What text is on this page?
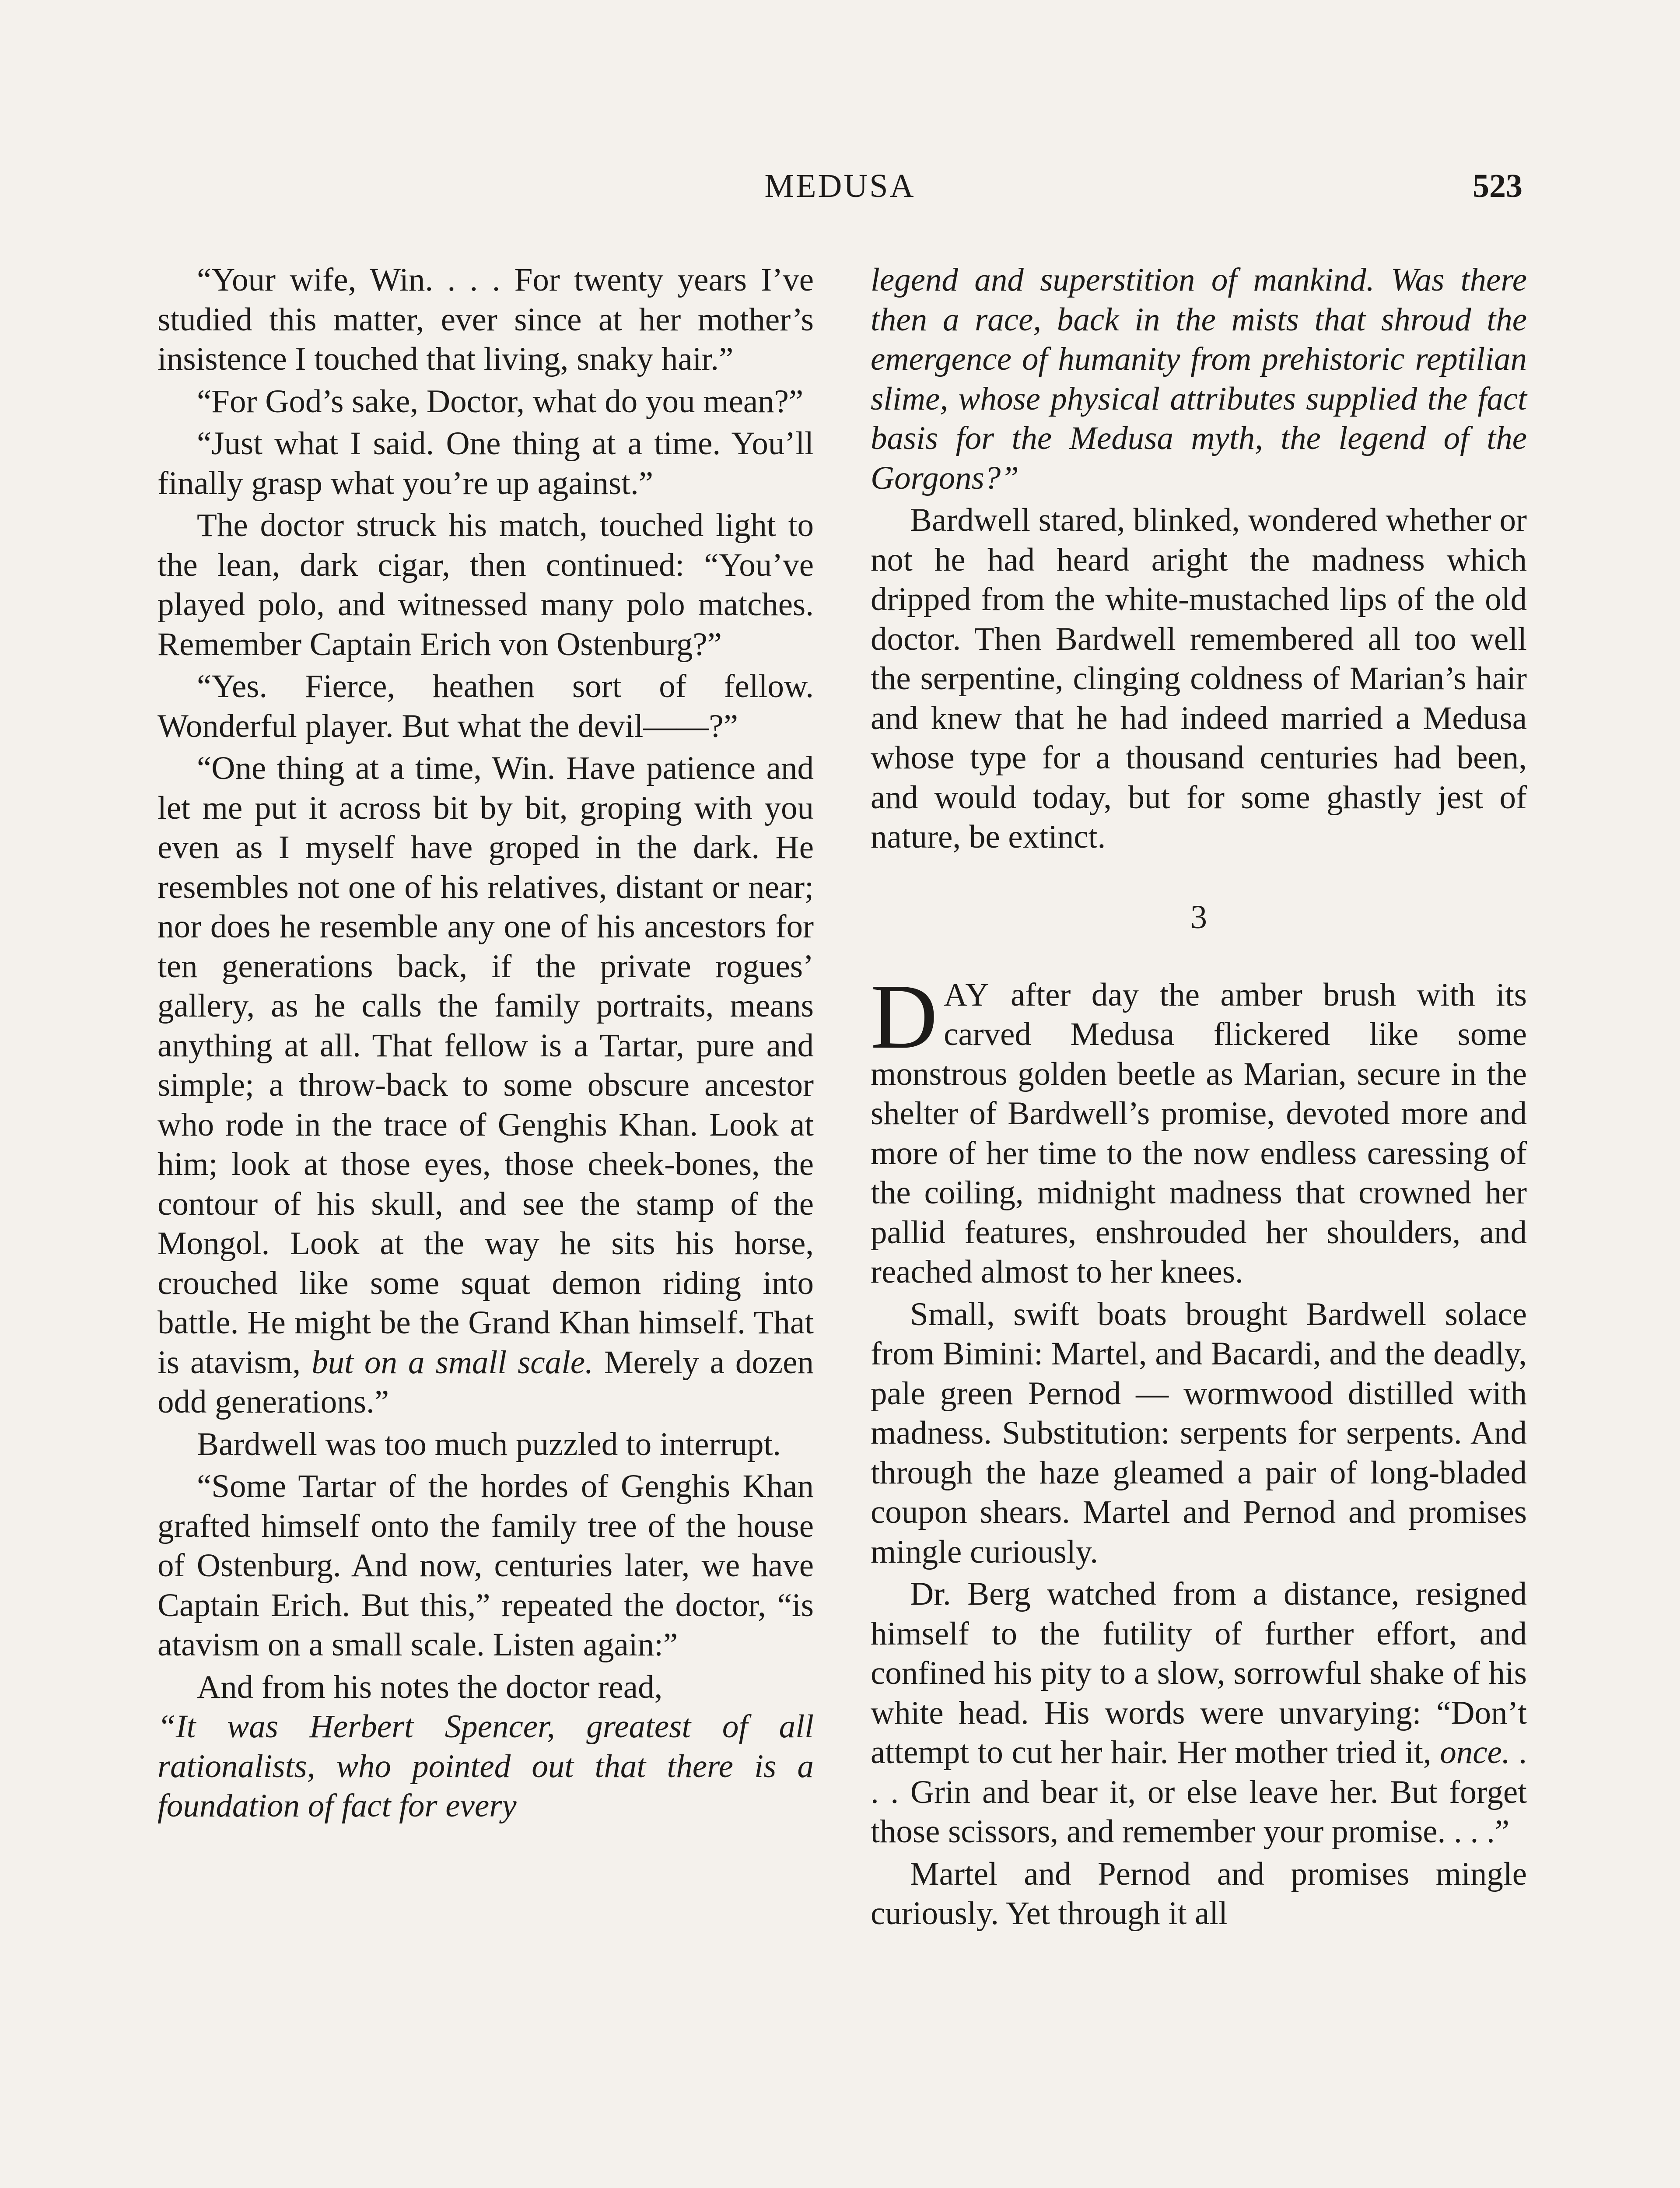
MEDUSA	523

“Your wife, Win. . . . For twenty years I’ve studied this matter, ever since at her mother’s insistence I touched that living, snaky hair.”

“For God’s sake, Doctor, what do you mean?”

“Just what I said. One thing at a time. You’ll finally grasp what you’re up against.”

The doctor struck his match, touched light to the lean, dark cigar, then continued: “You’ve played polo, and witnessed many polo matches. Remember Captain Erich von Ostenburg?”

“Yes. Fierce, heathen sort of fellow. Wonderful player. But what the devil——?”

“One thing at a time, Win. Have patience and let me put it across bit by bit, groping with you even as I myself have groped in the dark. He resembles not one of his relatives, distant or near; nor does he resemble any one of his ancestors for ten generations back, if the private rogues’ gallery, as he calls the family portraits, means anything at all. That fellow is a Tartar, pure and simple; a throw-back to some obscure ancestor who rode in the trace of Genghis Khan. Look at him; look at those eyes, those cheek-bones, the contour of his skull, and see the stamp of the Mongol. Look at the way he sits his horse, crouched like some squat demon riding into battle. He might be the Grand Khan himself. That is atavism, but on a small scale. Merely a dozen odd generations.”

Bardwell was too much puzzled to interrupt.

“Some Tartar of the hordes of Genghis Khan grafted himself onto the family tree of the house of Ostenburg. And now, centuries later, we have Captain Erich. But this,” repeated the doctor, “is atavism on a small scale. Listen again:”

And from his notes the doctor read,

“It was Herbert Spencer, greatest of all rationalists, who pointed out that there is a foundation of fact for every

legend and superstition of mankind. Was there then a race, back in the mists that shroud the emergence of humanity from prehistoric reptilian slime, whose physical attributes supplied the fact basis for the Medusa myth, the legend of the Gorgons?”

Bardwell stared, blinked, wondered whether or not he had heard aright the madness which dripped from the white-mustached lips of the old doctor. Then Bardwell remembered all too well the serpentine, clinging coldness of Marian’s hair and knew that he had indeed married a Medusa whose type for a thousand centuries had been, and would today, but for some ghastly jest of nature, be extinct.

3

DAY after day the amber brush with its carved Medusa flickered like some monstrous golden beetle as Marian, secure in the shelter of Bardwell’s promise, devoted more and more of her time to the now endless caressing of the coiling, midnight madness that crowned her pallid features, enshrouded her shoulders, and reached almost to her knees.

Small, swift boats brought Bardwell solace from Bimini: Martel, and Bacardi, and the deadly, pale green Pernod — wormwood distilled with madness. Substitution: serpents for serpents. And through the haze gleamed a pair of long-bladed coupon shears. Martel and Pernod and promises mingle curiously.

Dr. Berg watched from a distance, resigned himself to the futility of further effort, and confined his pity to a slow, sorrowful shake of his white head. His words were unvarying: “Don’t attempt to cut her hair. Her mother tried it, once. . . . Grin and bear it, or else leave her. But forget those scissors, and remember your promise. . . .”

Martel and Pernod and promises mingle curiously. Yet through it all
